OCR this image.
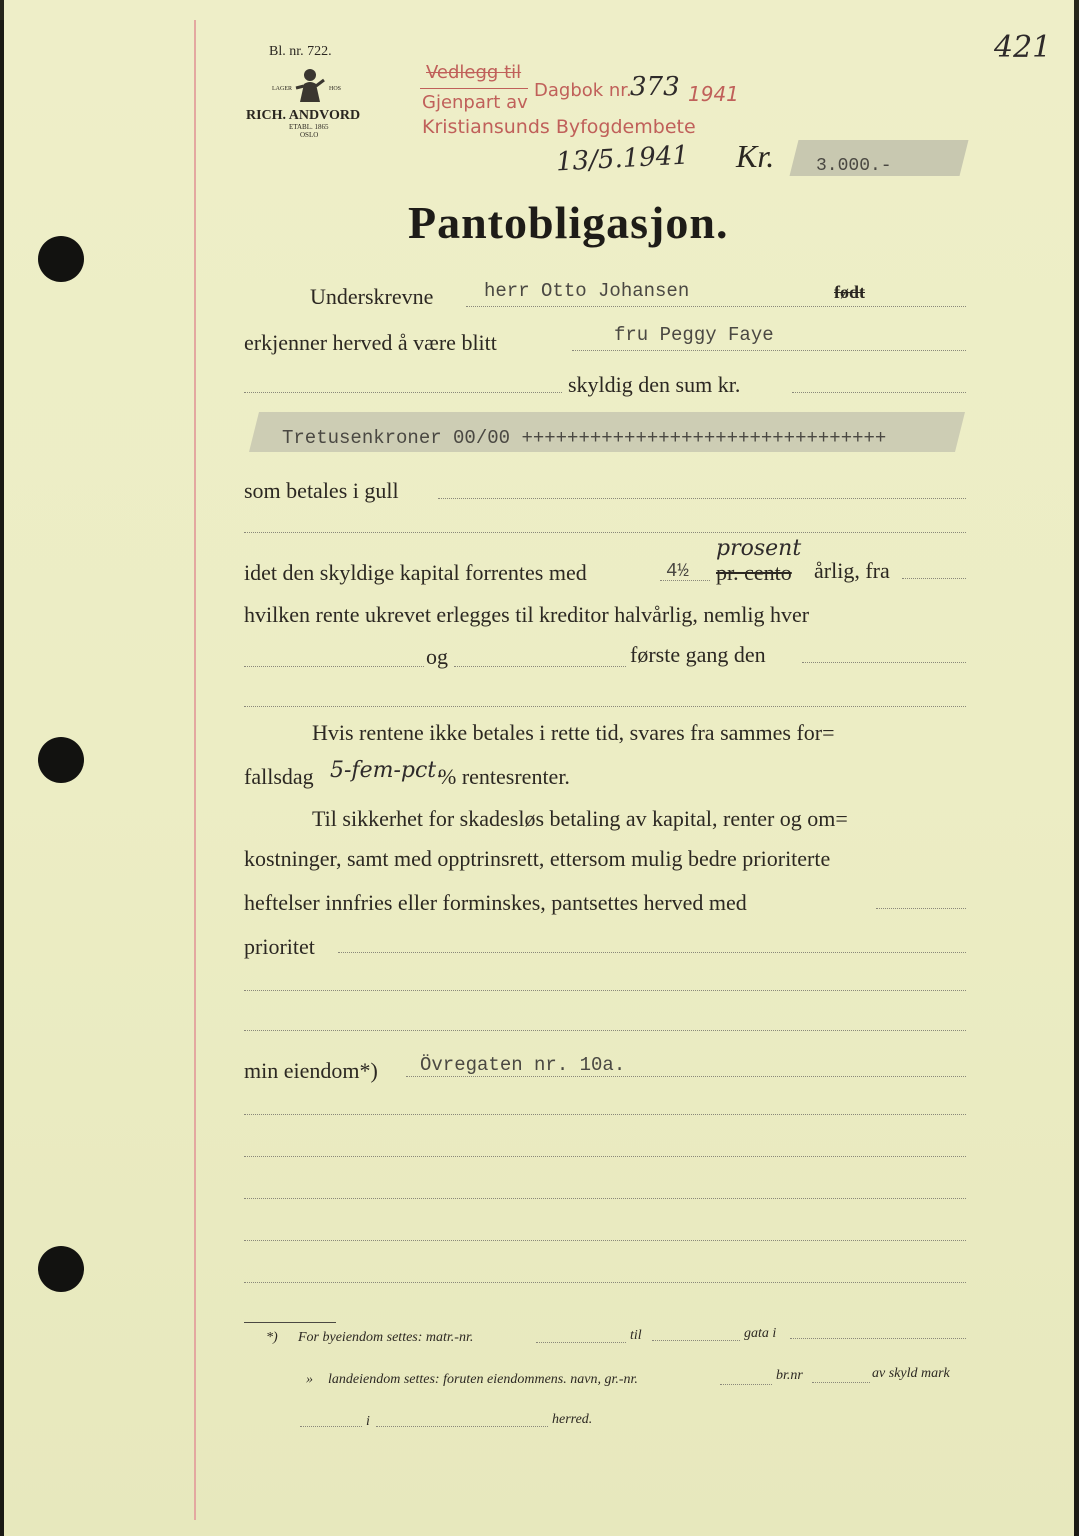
421
Bl. nr. 722.
LAGER	HOS
RICH. ANDVORD
ETABL. 1865
OSLO
Vedlegg til
Dagbok nr.
373 1941
Gjenpart av
Kristiansunds Byfogdembete
13/5.1941 Kr. 3.000.-
Pantobligasjon.
Underskrevne	herr Otto Johansen	født
erkjenner herved å være blitt	fru Peggy Faye
skyldig den sum kr.
Tretusenkroner 00/00 ++++++++++++++++++++++++++++++++
som betales i gull
idet den skyldige kapital forrentes med	4½
prosent
pr. cento årlig, fra
hvilken rente ukrevet erlegges til kreditor halvårlig, nemlig hver
og	første gang den
Hvis rentene ikke betales i rette tid, svares fra sammes for=
fallsdag 5-fem-pct.
% rentesrenter.
Til sikkerhet for skadesløs betaling av kapital, renter og om=
kostninger, samt med opptrinsrett, ettersom mulig bedre prioriterte
heftelser innfries eller forminskes, pantsettes herved med
prioritet
min eiendom*) Övregaten nr. 10a.
*) For byeiendom settes: matr.-nr.	til	gata i
» landeiendom settes: foruten eiendommens. navn, gr.-nr.	br.nr	av skyld mark
i	herred.
